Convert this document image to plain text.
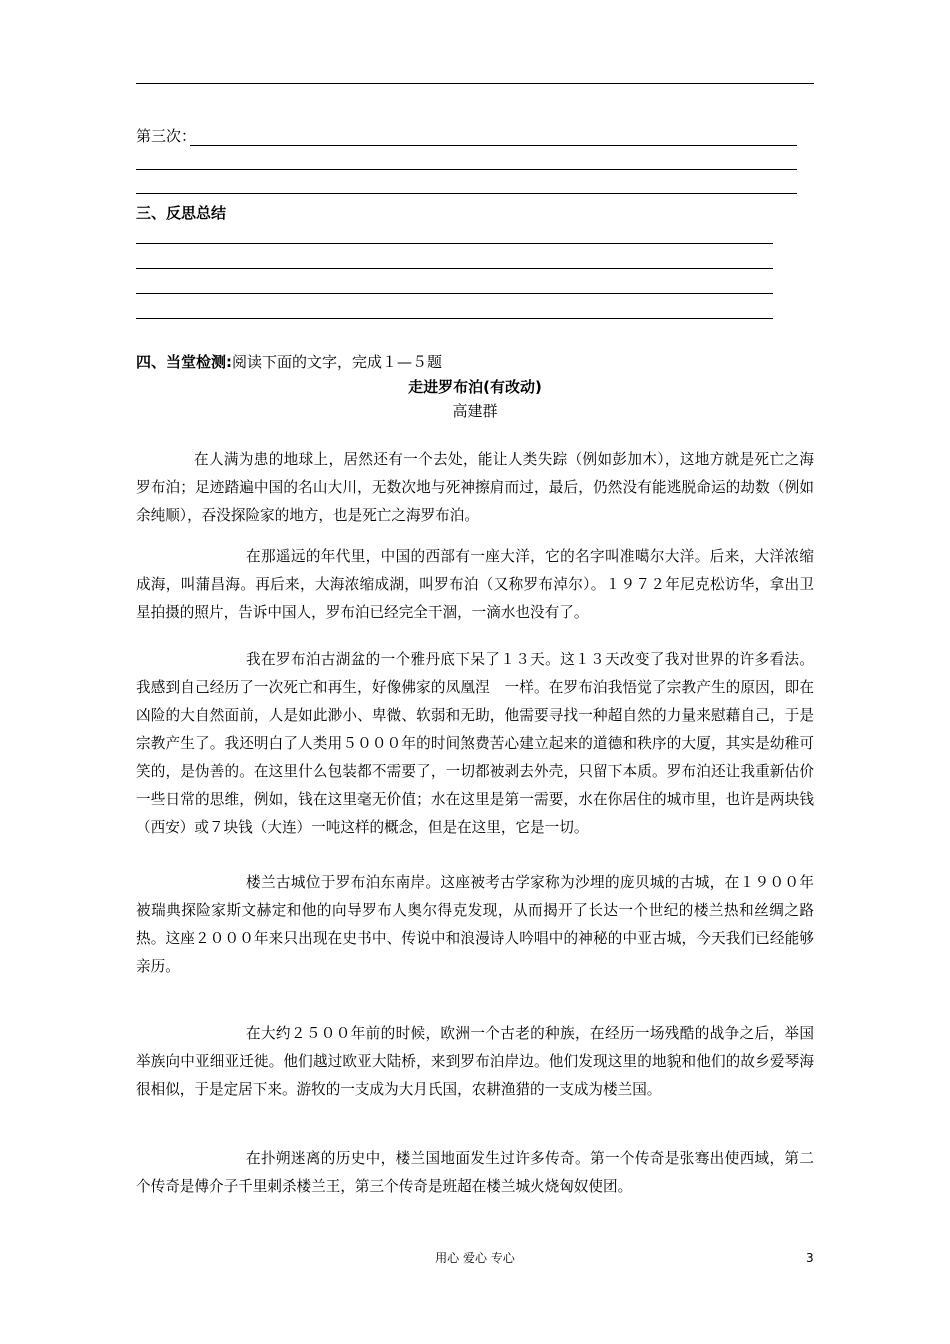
第三次：
三、反思总结
四、当堂检测:阅读下面的文字，完成１—５题
走进罗布泊(有改动)
高建群

在人满为患的地球上，居然还有一个去处，能让人类失踪（例如彭加木），这地方就是死亡之海罗布泊；足迹踏遍中国的名山大川，无数次地与死神擦肩而过，最后，仍然没有能逃脱命运的劫数（例如余纯顺），吞没探险家的地方，也是死亡之海罗布泊。

在那遥远的年代里，中国的西部有一座大洋，它的名字叫准噶尔大洋。后来，大洋浓缩成海，叫蒲昌海。再后来，大海浓缩成湖，叫罗布泊（又称罗布淖尔）。１９７２年尼克松访华，拿出卫星拍摄的照片，告诉中国人，罗布泊已经完全干涸，一滴水也没有了。

我在罗布泊古湖盆的一个雅丹底下呆了１３天。这１３天改变了我对世界的许多看法。我感到自己经历了一次死亡和再生，好像佛家的凤凰涅　一样。在罗布泊我悟觉了宗教产生的原因，即在凶险的大自然面前，人是如此渺小、卑微、软弱和无助，他需要寻找一种超自然的力量来慰藉自己，于是宗教产生了。我还明白了人类用５０００年的时间煞费苦心建立起来的道德和秩序的大厦，其实是幼稚可笑的，是伪善的。在这里什么包装都不需要了，一切都被剥去外壳，只留下本质。罗布泊还让我重新估价一些日常的思维，例如，钱在这里毫无价值；水在这里是第一需要，水在你居住的城市里，也许是两块钱（西安）或７块钱（大连）一吨这样的概念，但是在这里，它是一切。

楼兰古城位于罗布泊东南岸。这座被考古学家称为沙埋的庞贝城的古城，在１９００年被瑞典探险家斯文赫定和他的向导罗布人奥尔得克发现，从而揭开了长达一个世纪的楼兰热和丝绸之路热。这座２０００年来只出现在史书中、传说中和浪漫诗人吟唱中的神秘的中亚古城，今天我们已经能够亲历。

在大约２５００年前的时候，欧洲一个古老的种族，在经历一场残酷的战争之后，举国举族向中亚细亚迁徙。他们越过欧亚大陆桥，来到罗布泊岸边。他们发现这里的地貌和他们的故乡爱琴海很相似，于是定居下来。游牧的一支成为大月氏国，农耕渔猎的一支成为楼兰国。

在扑朔迷离的历史中，楼兰国地面发生过许多传奇。第一个传奇是张骞出使西域，第二个传奇是傅介子千里刺杀楼兰王，第三个传奇是班超在楼兰城火烧匈奴使团。

用心 爱心 专心	3
